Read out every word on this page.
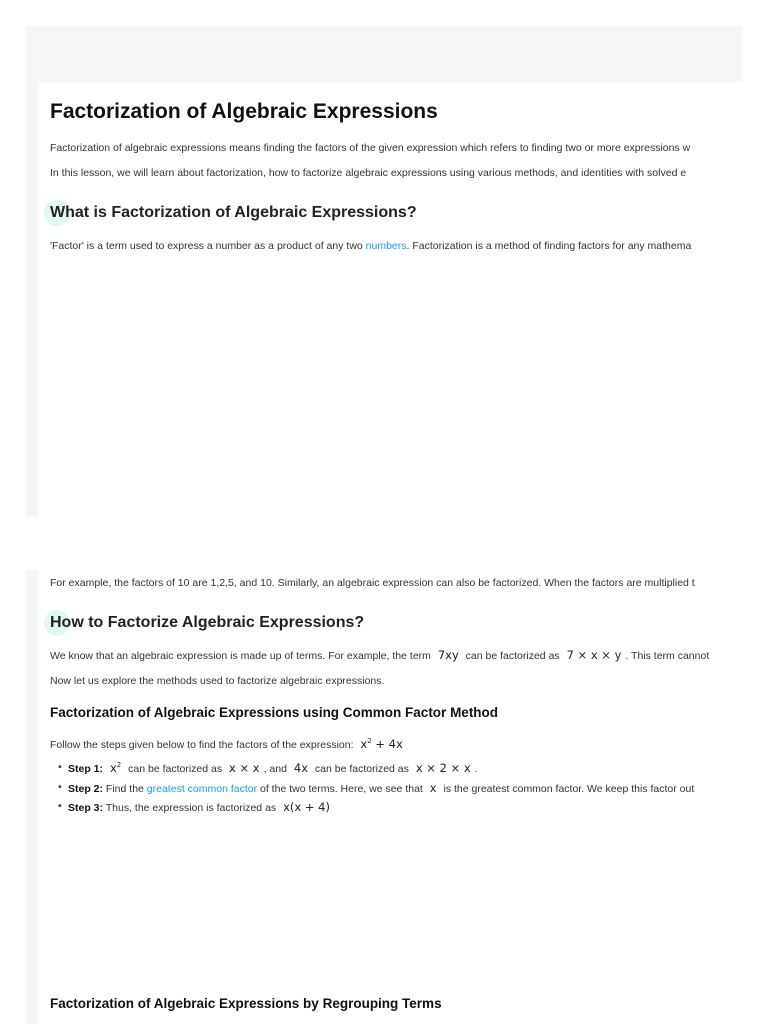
Factorization of Algebraic Expressions
Factorization of algebraic expressions means finding the factors of the given expression which refers to finding two or more expressions w
In this lesson, we will learn about factorization, how to factorize algebraic expressions using various methods, and identities with solved e
What is Factorization of Algebraic Expressions?
'Factor' is a term used to express a number as a product of any two numbers. Factorization is a method of finding factors for any mathema
For example, the factors of 10 are 1,2,5, and 10. Similarly, an algebraic expression can also be factorized. When the factors are multiplied t
How to Factorize Algebraic Expressions?
We know that an algebraic expression is made up of terms. For example, the term 7xy can be factorized as 7 × x × y . This term cannot
Now let us explore the methods used to factorize algebraic expressions.
Factorization of Algebraic Expressions using Common Factor Method
Follow the steps given below to find the factors of the expression: $x^2 + 4x$
• Step 1: $x^2$ can be factorized as x × x , and 4x can be factorized as x × 2 × x .
• Step 2: Find the greatest common factor of the two terms. Here, we see that x is the greatest common factor. We keep this factor out
• Step 3: Thus, the expression is factorized as x(x + 4)
Factorization of Algebraic Expressions by Regrouping Terms
